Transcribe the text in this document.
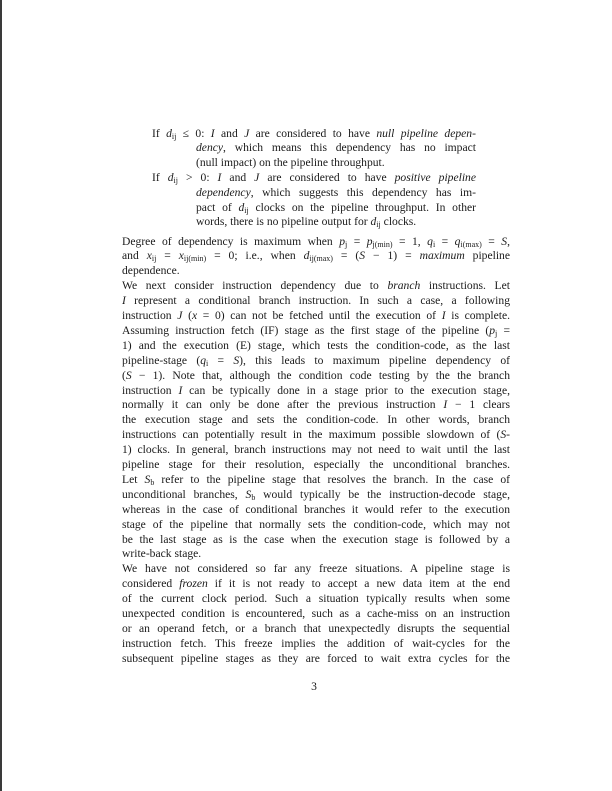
If $d_{ij} \le 0$: I and J are considered to have null pipeline depen-
dency, which means this dependency has no impact
(null impact) on the pipeline throughput.
If $d_{ij} > 0$: I and J are considered to have positive pipeline
dependency, which suggests this dependency has im-
pact of $d_{ij}$ clocks on the pipeline throughput. In other
words, there is no pipeline output for $d_{ij}$ clocks.
Degree of dependency is maximum when $p_j = p_{j(min)} = 1$, $q_i = q_{i(max)} = S$,
and $x_{ij} = x_{ij(min)} = 0$; i.e., when $d_{ij(max)} = (S - 1)$ = maximum pipeline
dependence.
We next consider instruction dependency due to branch instructions. Let
I represent a conditional branch instruction. In such a case, a following
instruction J (x = 0) can not be fetched until the execution of I is complete.
Assuming instruction fetch (IF) stage as the first stage of the pipeline ($p_j$ =
1) and the execution (E) stage, which tests the condition-code, as the last
pipeline-stage $(q_i = S)$, this leads to maximum pipeline dependency of
(S − 1). Note that, although the condition code testing by the the branch
instruction I can be typically done in a stage prior to the execution stage,
normally it can only be done after the previous instruction I − 1 clears
the execution stage and sets the condition-code. In other words, branch
instructions can potentially result in the maximum possible slowdown of (S-
1) clocks. In general, branch instructions may not need to wait until the last
pipeline stage for their resolution, especially the unconditional branches.
Let $S_b$ refer to the pipeline stage that resolves the branch. In the case of
unconditional branches, $S_b$ would typically be the instruction-decode stage,
whereas in the case of conditional branches it would refer to the execution
stage of the pipeline that normally sets the condition-code, which may not
be the last stage as is the case when the execution stage is followed by a
write-back stage.
We have not considered so far any freeze situations. A pipeline stage is
considered frozen if it is not ready to accept a new data item at the end
of the current clock period. Such a situation typically results when some
unexpected condition is encountered, such as a cache-miss on an instruction
or an operand fetch, or a branch that unexpectedly disrupts the sequential
instruction fetch. This freeze implies the addition of wait-cycles for the
subsequent pipeline stages as they are forced to wait extra cycles for the
3
